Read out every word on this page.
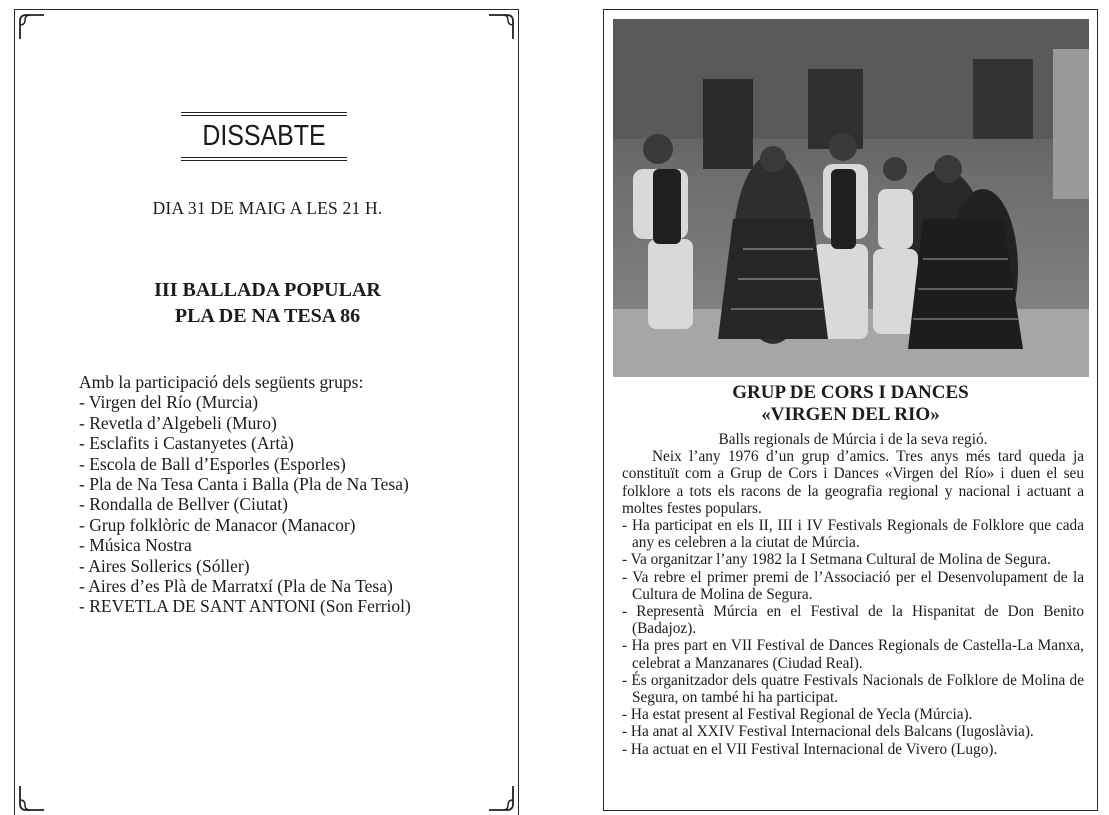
DISSABTE
DIA 31 DE MAIG A LES 21 H.
III BALLADA POPULAR
PLA DE NA TESA 86
Amb la participació dels següents grups:
- Virgen del Río (Murcia)
- Revetla d’Algebeli (Muro)
- Esclafits i Castanyetes (Artà)
- Escola de Ball d’Esporles (Esporles)
- Pla de Na Tesa Canta i Balla (Pla de Na Tesa)
- Rondalla de Bellver (Ciutat)
- Grup folklòric de Manacor (Manacor)
- Música Nostra
- Aires Sollerics (Sóller)
- Aires d’es Plà de Marratxí (Pla de Na Tesa)
- REVETLA DE SANT ANTONI (Son Ferriol)
GRUP DE CORS I DANCES
«VIRGEN DEL RIO»
Balls regionals de Múrcia i de la seva regió.
Neix l’any 1976 d’un grup d’amics. Tres anys més tard queda ja constituït com a Grup de Cors i Dances «Virgen del Río» i duen el seu folklore a tots els racons de la geografia regional y nacional i actuant a moltes festes populars.
- Ha participat en els II, III i IV Festivals Regionals de Folklore que cada any es celebren a la ciutat de Múrcia.
- Va organitzar l’any 1982 la I Setmana Cultural de Molina de Segura.
- Va rebre el primer premi de l’Associació per el Desenvolupament de la Cultura de Molina de Segura.
- Representà Múrcia en el Festival de la Hispanitat de Don Benito (Badajoz).
- Ha pres part en VII Festival de Dances Regionals de Castella-La Manxa, celebrat a Manzanares (Ciudad Real).
- És organitzador dels quatre Festivals Nacionals de Folklore de Molina de Segura, on també hi ha participat.
- Ha estat present al Festival Regional de Yecla (Múrcia).
- Ha anat al XXIV Festival Internacional dels Balcans (Iugoslàvia).
- Ha actuat en el VII Festival Internacional de Vivero (Lugo).
